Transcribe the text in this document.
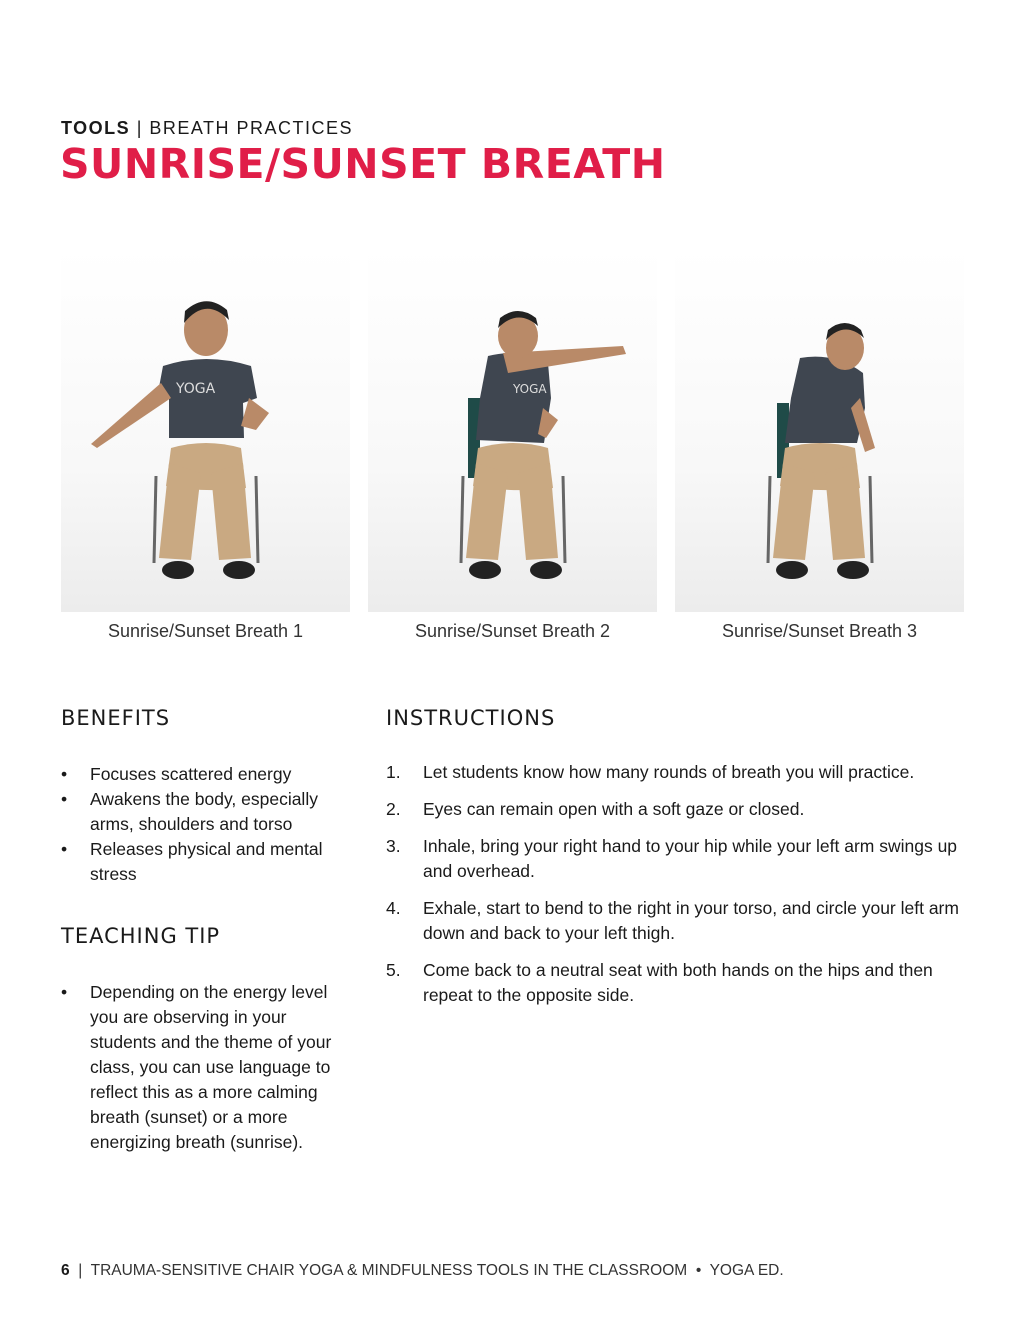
TOOLS | BREATH PRACTICES
SUNRISE/SUNSET BREATH
YOGA	YOGA
Sunrise/Sunset Breath 1	Sunrise/Sunset Breath 2	Sunrise/Sunset Breath 3
BENEFITS
• Focuses scattered energy
• Awakens the body, especially arms, shoulders and torso
• Releases physical and mental stress
TEACHING TIP
• Depending on the energy level you are observing in your students and the theme of your class, you can use language to reflect this as a more calming breath (sunset) or a more energizing breath (sunrise).
INSTRUCTIONS
1. Let students know how many rounds of breath you will practice.
2. Eyes can remain open with a soft gaze or closed.
3. Inhale, bring your right hand to your hip while your left arm swings up and overhead.
4. Exhale, start to bend to the right in your torso, and circle your left arm down and back to your left thigh.
5. Come back to a neutral seat with both hands on the hips and then repeat to the opposite side.
6  |  TRAUMA-SENSITIVE CHAIR YOGA & MINDFULNESS TOOLS IN THE CLASSROOM  •  YOGA ED.
